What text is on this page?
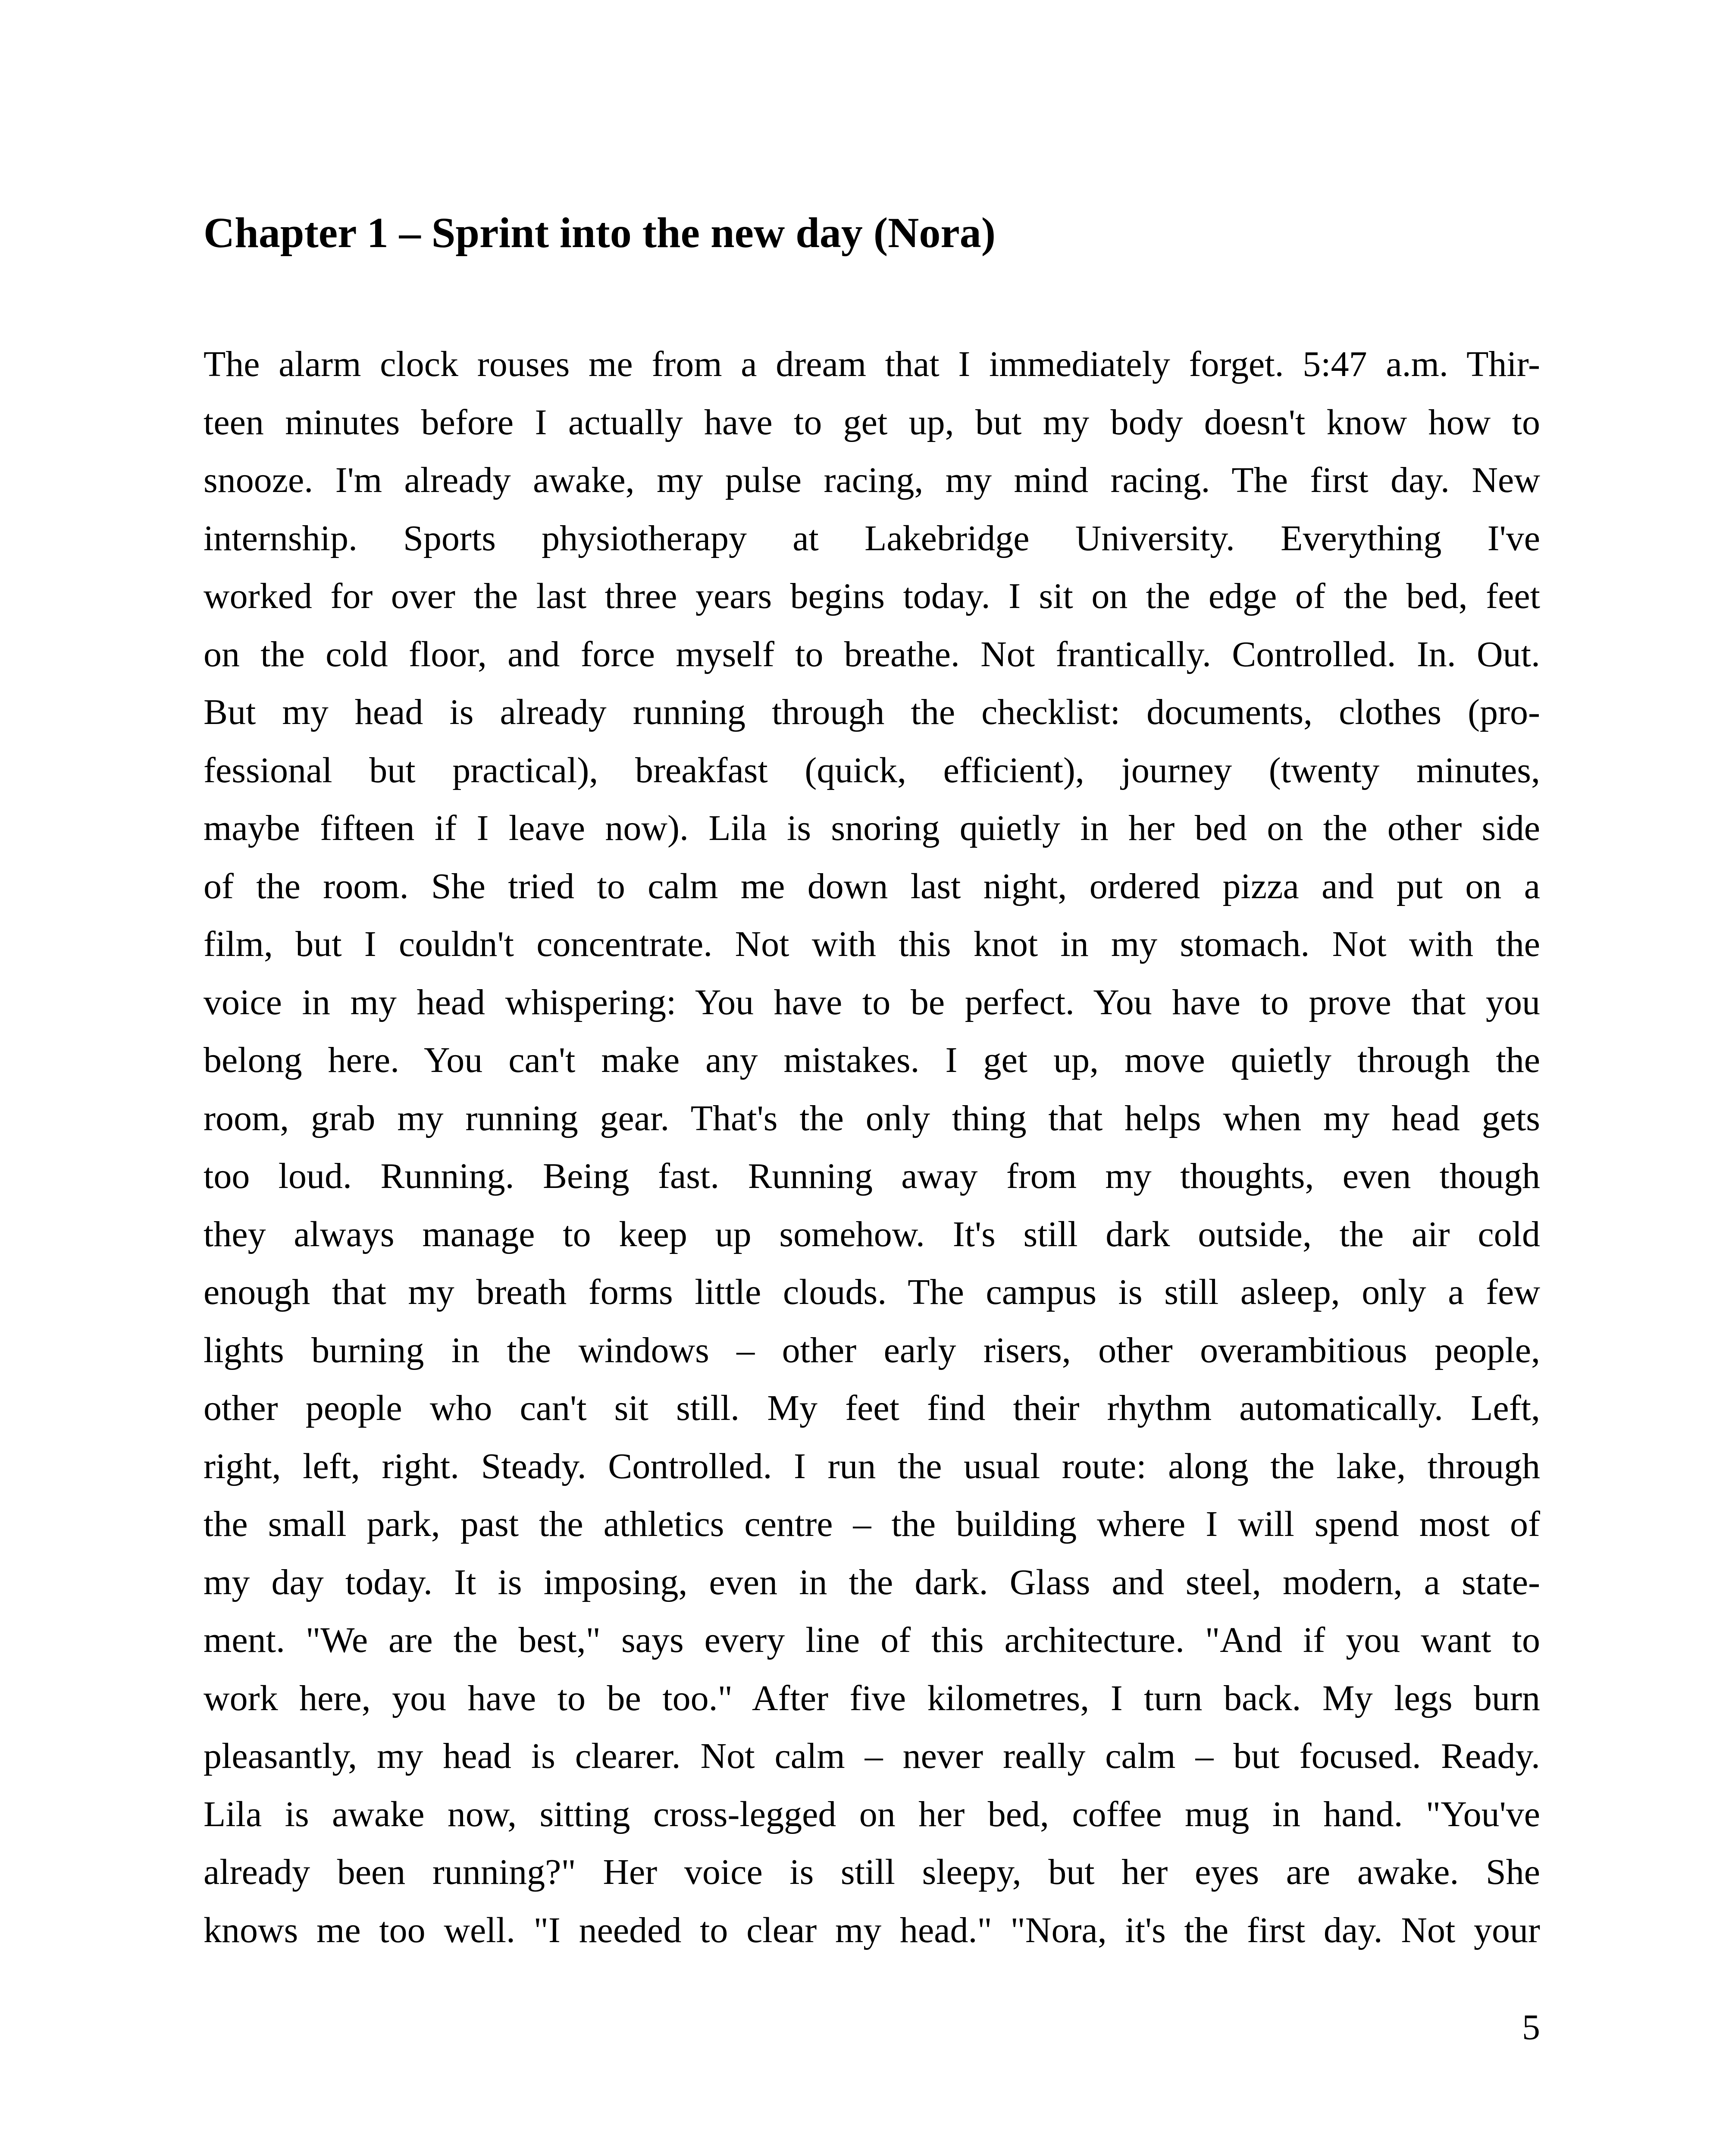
Chapter 1 – Sprint into the new day (Nora)
The alarm clock rouses me from a dream that I immediately forget. 5:47 a.m. Thir-
teen minutes before I actually have to get up, but my body doesn't know how to
snooze. I'm already awake, my pulse racing, my mind racing. The first day. New
internship. Sports physiotherapy at Lakebridge University. Everything I've
worked for over the last three years begins today. I sit on the edge of the bed, feet
on the cold floor, and force myself to breathe. Not frantically. Controlled. In. Out.
But my head is already running through the checklist: documents, clothes (pro-
fessional but practical), breakfast (quick, efficient), journey (twenty minutes,
maybe fifteen if I leave now). Lila is snoring quietly in her bed on the other side
of the room. She tried to calm me down last night, ordered pizza and put on a
film, but I couldn't concentrate. Not with this knot in my stomach. Not with the
voice in my head whispering: You have to be perfect. You have to prove that you
belong here. You can't make any mistakes. I get up, move quietly through the
room, grab my running gear. That's the only thing that helps when my head gets
too loud. Running. Being fast. Running away from my thoughts, even though
they always manage to keep up somehow. It's still dark outside, the air cold
enough that my breath forms little clouds. The campus is still asleep, only a few
lights burning in the windows – other early risers, other overambitious people,
other people who can't sit still. My feet find their rhythm automatically. Left,
right, left, right. Steady. Controlled. I run the usual route: along the lake, through
the small park, past the athletics centre – the building where I will spend most of
my day today. It is imposing, even in the dark. Glass and steel, modern, a state-
ment. "We are the best," says every line of this architecture. "And if you want to
work here, you have to be too." After five kilometres, I turn back. My legs burn
pleasantly, my head is clearer. Not calm – never really calm – but focused. Ready.
Lila is awake now, sitting cross-legged on her bed, coffee mug in hand. "You've
already been running?" Her voice is still sleepy, but her eyes are awake. She
knows me too well. "I needed to clear my head." "Nora, it's the first day. Not your
5
